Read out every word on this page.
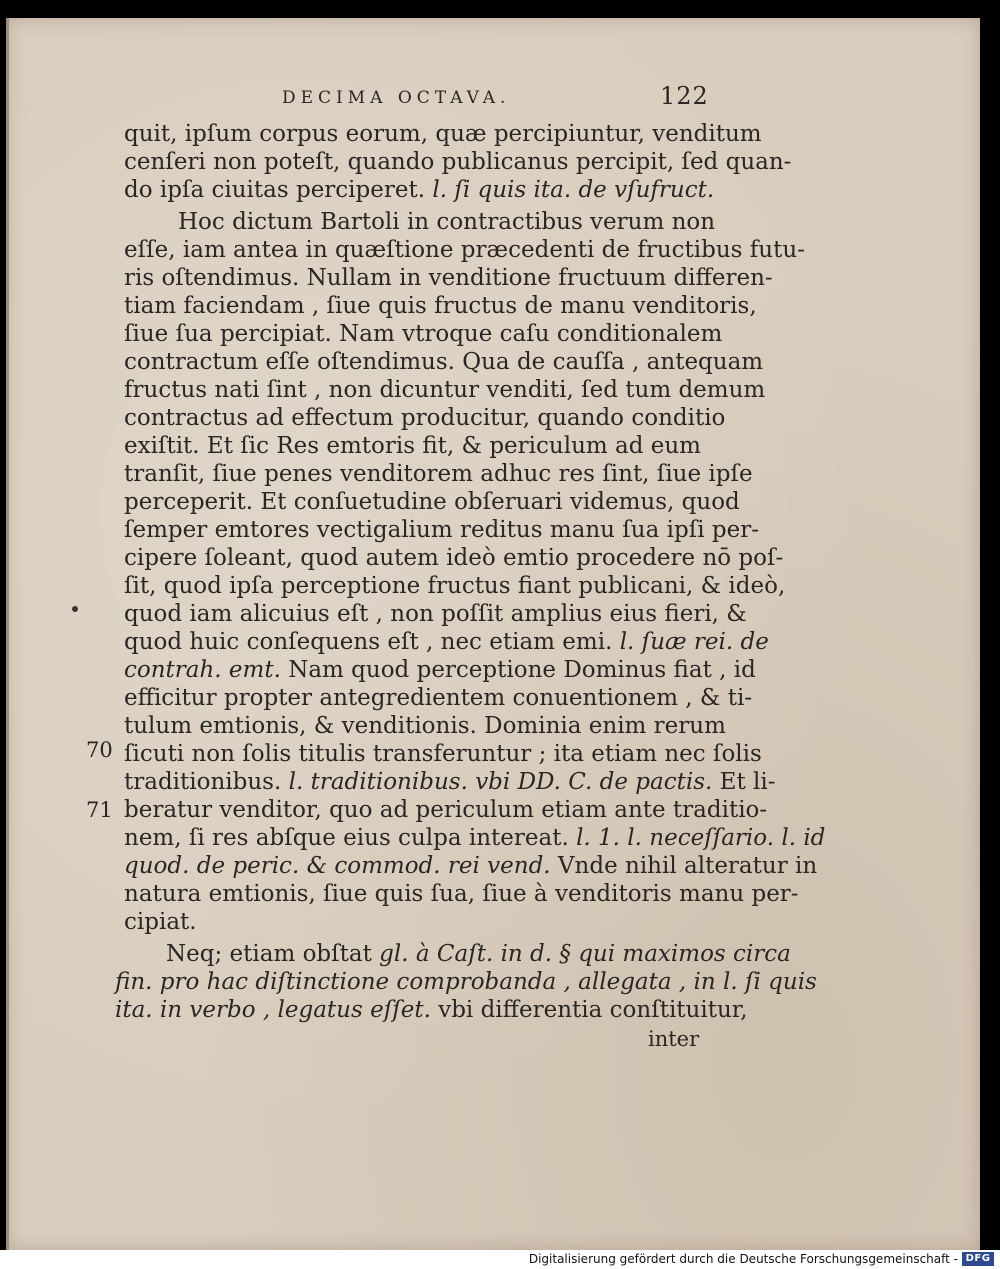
DECIMA OCTAVA.	122
quit, ipſum corpus eorum, quæ percipiuntur, venditum
cenſeri non poteſt, quando publicanus percipit, ſed quan-
do ipſa ciuitas perciperet. l. ſi quis ita. de vſufruct.
Hoc dictum Bartoli in contractibus verum non
eſſe, iam antea in quæſtione præcedenti de fructibus futu-
ris oſtendimus. Nullam in venditione fructuum differen-
tiam faciendam , ſiue quis fructus de manu venditoris,
ſiue ſua percipiat. Nam vtroque caſu conditionalem
contractum eſſe oſtendimus. Qua de cauſſa , antequam
fructus nati ſint , non dicuntur venditi, ſed tum demum
contractus ad effectum producitur, quando conditio
exiſtit. Et ſic Res emtoris fit, & periculum ad eum
tranſit, ſiue penes venditorem adhuc res ſint, ſiue ipſe
perceperit. Et conſuetudine obſeruari videmus, quod
ſemper emtores vectigalium reditus manu ſua ipſi per-
cipere ſoleant, quod autem ideò emtio procedere nō poſ-
ſit, quod ipſa perceptione fructus fiant publicani, & ideò,
quod iam alicuius eſt , non poſſit amplius eius fieri, &
quod huic conſequens eſt , nec etiam emi. l. ſuæ rei. de
contrah. emt. Nam quod perceptione Dominus fiat , id
efficitur propter antegredientem conuentionem , & ti-
tulum emtionis, & venditionis. Dominia enim rerum
ſicuti non ſolis titulis transferuntur ; ita etiam nec ſolis
traditionibus. l. traditionibus. vbi DD. C. de pactis. Et li-
beratur venditor, quo ad periculum etiam ante traditio-
nem, ſi res abſque eius culpa intereat. l. 1. l. neceſſario. l. id
quod. de peric. & commod. rei vend. Vnde nihil alteratur in
natura emtionis, ſiue quis ſua, ſiue à venditoris manu per-
cipiat.
Neq; etiam obſtat gl. à Caſt. in d. § qui maximos circa
fin. pro hac diſtinctione comprobanda , allegata , in l. ſi quis
ita. in verbo , legatus eſſet. vbi differentia conſtituitur,
70
71
inter
Digitalisierung gefördert durch die Deutsche Forschungsgemeinschaft - DFG
